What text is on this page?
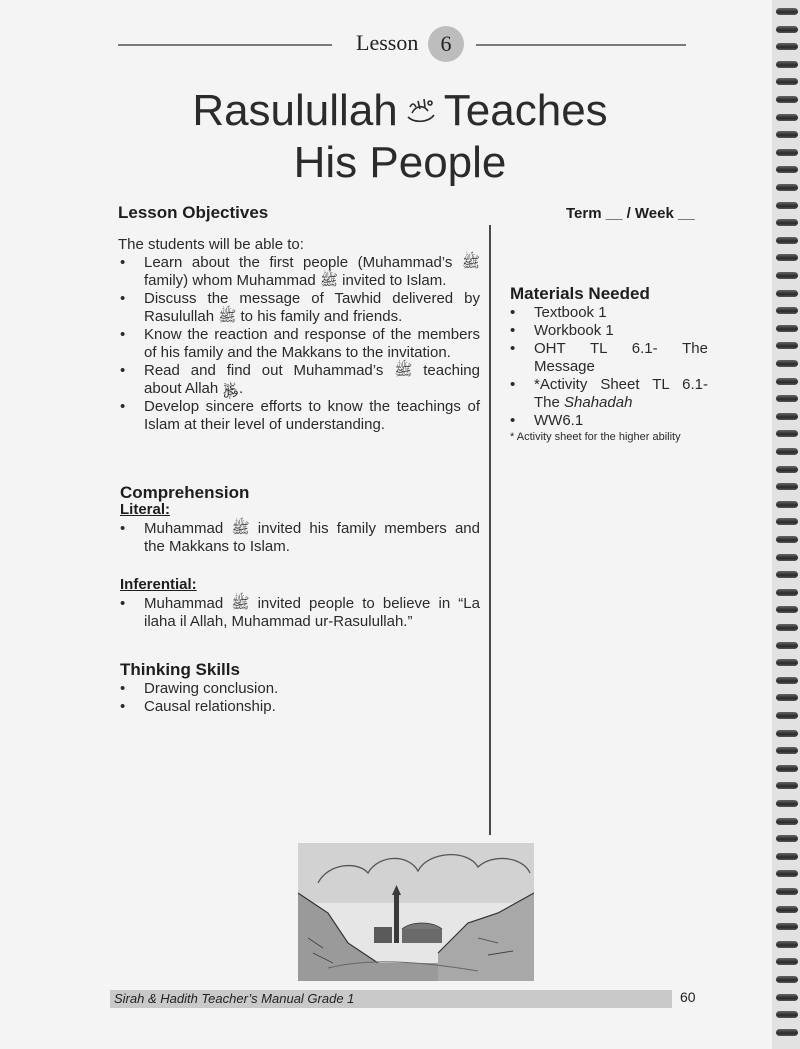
Lesson 6
Rasulullah Teaches
His People
Lesson Objectives	Term __ / Week __
The students will be able to:
• Learn about the first people (Muhammad’s ﷺ family) whom Muhammad ﷺ invited to Islam.
• Discuss the message of Tawhid delivered by Rasulullah ﷺ to his family and friends.
• Know the reaction and response of the members of his family and the Makkans to the invitation.
• Read and find out Muhammad’s ﷺ teaching about Allah ﷿.
• Develop sincere efforts to know the teachings of Islam at their level of understanding.
Comprehension
Literal:
• Muhammad ﷺ invited his family members and the Makkans to Islam.
Inferential:
• Muhammad ﷺ invited people to believe in “La ilaha il Allah, Muhammad ur-Rasulullah.”
Thinking Skills
• Drawing conclusion.
• Causal relationship.
Materials Needed
• Textbook 1
• Workbook 1
• OHT TL 6.1- The Message
• *Activity Sheet TL 6.1- The Shahadah
• WW6.1
* Activity sheet for the higher ability
Sirah & Hadith Teacher’s Manual Grade 1	60
